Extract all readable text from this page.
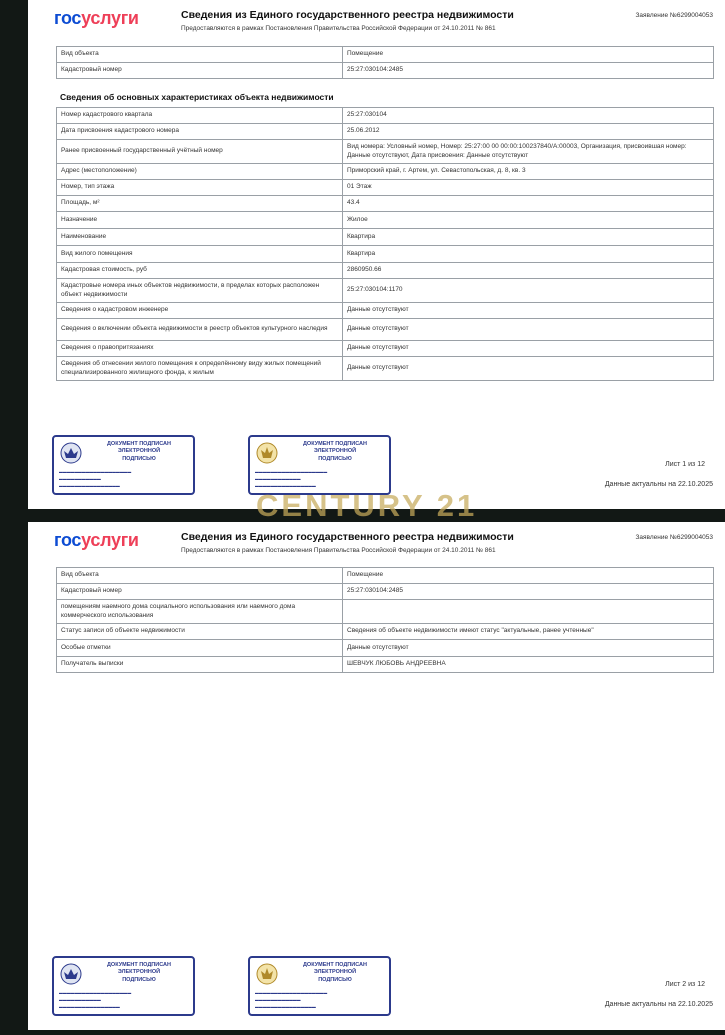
госуслуги	Сведения из Единого государственного реестра недвижимости
Предоставляются в рамках Постановления Правительства Российской Федерации от 24.10.2011 № 861
Заявление №6299004053
Вид объекта	Помещение
Кадастровый номер	25:27:030104:2485
Сведения об основных характеристиках объекта недвижимости
Номер кадастрового квартала	25:27:030104
Дата присвоения кадастрового номера	25.06.2012
Ранее присвоенный государственный учётный номер	Вид номера: Условный номер, Номер: 25:27:00 00 00:00:100237840/А:00003, Организация, присвоившая номер: Данные отсутствуют, Дата присвоения: Данные отсутствуют
Адрес (местоположение)	Приморский край, г. Артем, ул. Севастопольская, д. 8, кв. 3
Номер, тип этажа	01 Этаж
Площадь, м²	43.4
Назначение	Жилое
Наименование	Квартира
Вид жилого помещения	Квартира
Кадастровая стоимость, руб	2860950.66
Кадастровые номера иных объектов недвижимости, в пределах которых расположен объект недвижимости	25:27:030104:1170
Сведения о кадастровом инженере	Данные отсутствуют
Сведения о включении объекта недвижимости в реестр объектов культурного наследия	Данные отсутствуют
Сведения о правопритязаниях	Данные отсутствуют
Сведения об отнесении жилого помещения к определённому виду жилых помещений специализированного жилищного фонда, к жилым	Данные отсутствуют
ДОКУМЕНТ ПОДПИСАН
ЭЛЕКТРОННОЙ
ПОДПИСЬЮ
▬▬▬▬▬▬▬▬▬▬▬▬▬▬▬▬▬▬▬
▬▬▬▬▬▬▬▬▬▬▬
▬▬▬▬▬▬▬▬▬▬▬▬▬▬▬▬
ДОКУМЕНТ ПОДПИСАН
ЭЛЕКТРОННОЙ
ПОДПИСЬЮ
▬▬▬▬▬▬▬▬▬▬▬▬▬▬▬▬▬▬▬
▬▬▬▬▬▬▬▬▬▬▬▬
▬▬▬▬▬▬▬▬▬▬▬▬▬▬▬▬
Лист 1 из 12
Данные актуальны на 22.10.2025
госуслуги	Сведения из Единого государственного реестра недвижимости
Предоставляются в рамках Постановления Правительства Российской Федерации от 24.10.2011 № 861
Заявление №6299004053
Вид объекта	Помещение
Кадастровый номер	25:27:030104:2485
помещениям наемного дома социального использования или наемного дома коммерческого использования	
Статус записи об объекте недвижимости	Сведения об объекте недвижимости имеют статус "актуальные, ранее учтенные"
Особые отметки	Данные отсутствуют
Получатель выписки	ШЕВЧУК ЛЮБОВЬ АНДРЕЕВНА
ДОКУМЕНТ ПОДПИСАН
ЭЛЕКТРОННОЙ
ПОДПИСЬЮ
▬▬▬▬▬▬▬▬▬▬▬▬▬▬▬▬▬▬▬
▬▬▬▬▬▬▬▬▬▬▬
▬▬▬▬▬▬▬▬▬▬▬▬▬▬▬▬
ДОКУМЕНТ ПОДПИСАН
ЭЛЕКТРОННОЙ
ПОДПИСЬЮ
▬▬▬▬▬▬▬▬▬▬▬▬▬▬▬▬▬▬▬
▬▬▬▬▬▬▬▬▬▬▬▬
▬▬▬▬▬▬▬▬▬▬▬▬▬▬▬▬
Лист 2 из 12
Данные актуальны на 22.10.2025
CENTURY 21
